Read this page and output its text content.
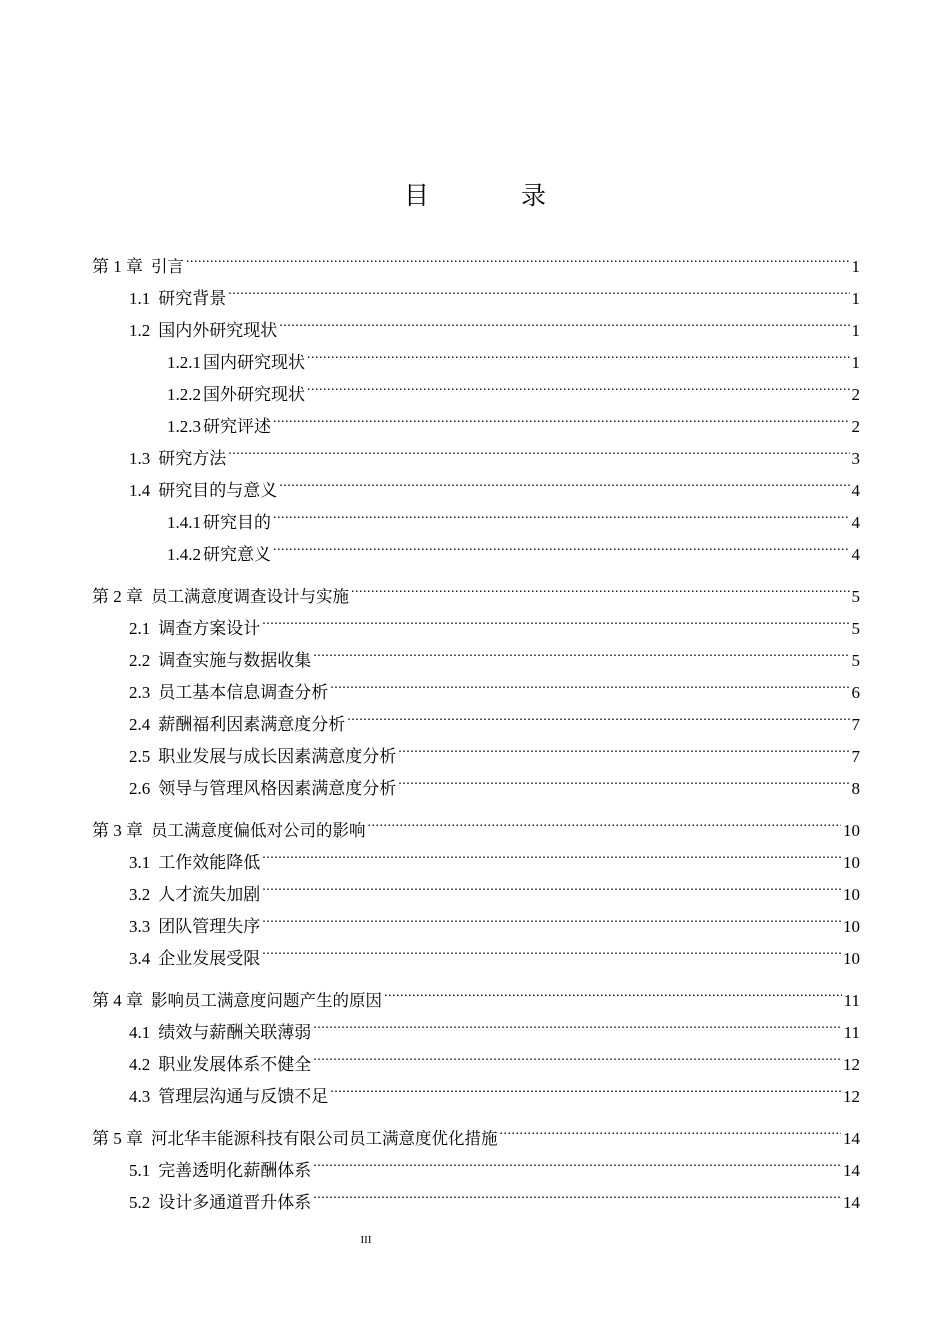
目 录
第 1 章 引言 .....	1
1.1 研究背景 .....	1
1.2 国内外研究现状 .....	1
1.2.1 国内研究现状 .....	1
1.2.2 国外研究现状 .....	2
1.2.3 研究评述 .....	2
1.3 研究方法 .....	3
1.4 研究目的与意义 .....	4
1.4.1 研究目的 .....	4
1.4.2 研究意义 .....	4
第 2 章 员工满意度调查设计与实施 .....	5
2.1 调查方案设计 .....	5
2.2 调查实施与数据收集 .....	5
2.3 员工基本信息调查分析 .....	6
2.4 薪酬福利因素满意度分析 .....	7
2.5 职业发展与成长因素满意度分析 .....	7
2.6 领导与管理风格因素满意度分析 .....	8
第 3 章 员工满意度偏低对公司的影响 .....	10
3.1 工作效能降低 .....	10
3.2 人才流失加剧 .....	10
3.3 团队管理失序 .....	10
3.4 企业发展受限 .....	10
第 4 章 影响员工满意度问题产生的原因 .....	11
4.1 绩效与薪酬关联薄弱 .....	11
4.2 职业发展体系不健全 .....	12
4.3 管理层沟通与反馈不足 .....	12
第 5 章 河北华丰能源科技有限公司员工满意度优化措施 .....	14
5.1 完善透明化薪酬体系 .....	14
5.2 设计多通道晋升体系 .....	14
III
